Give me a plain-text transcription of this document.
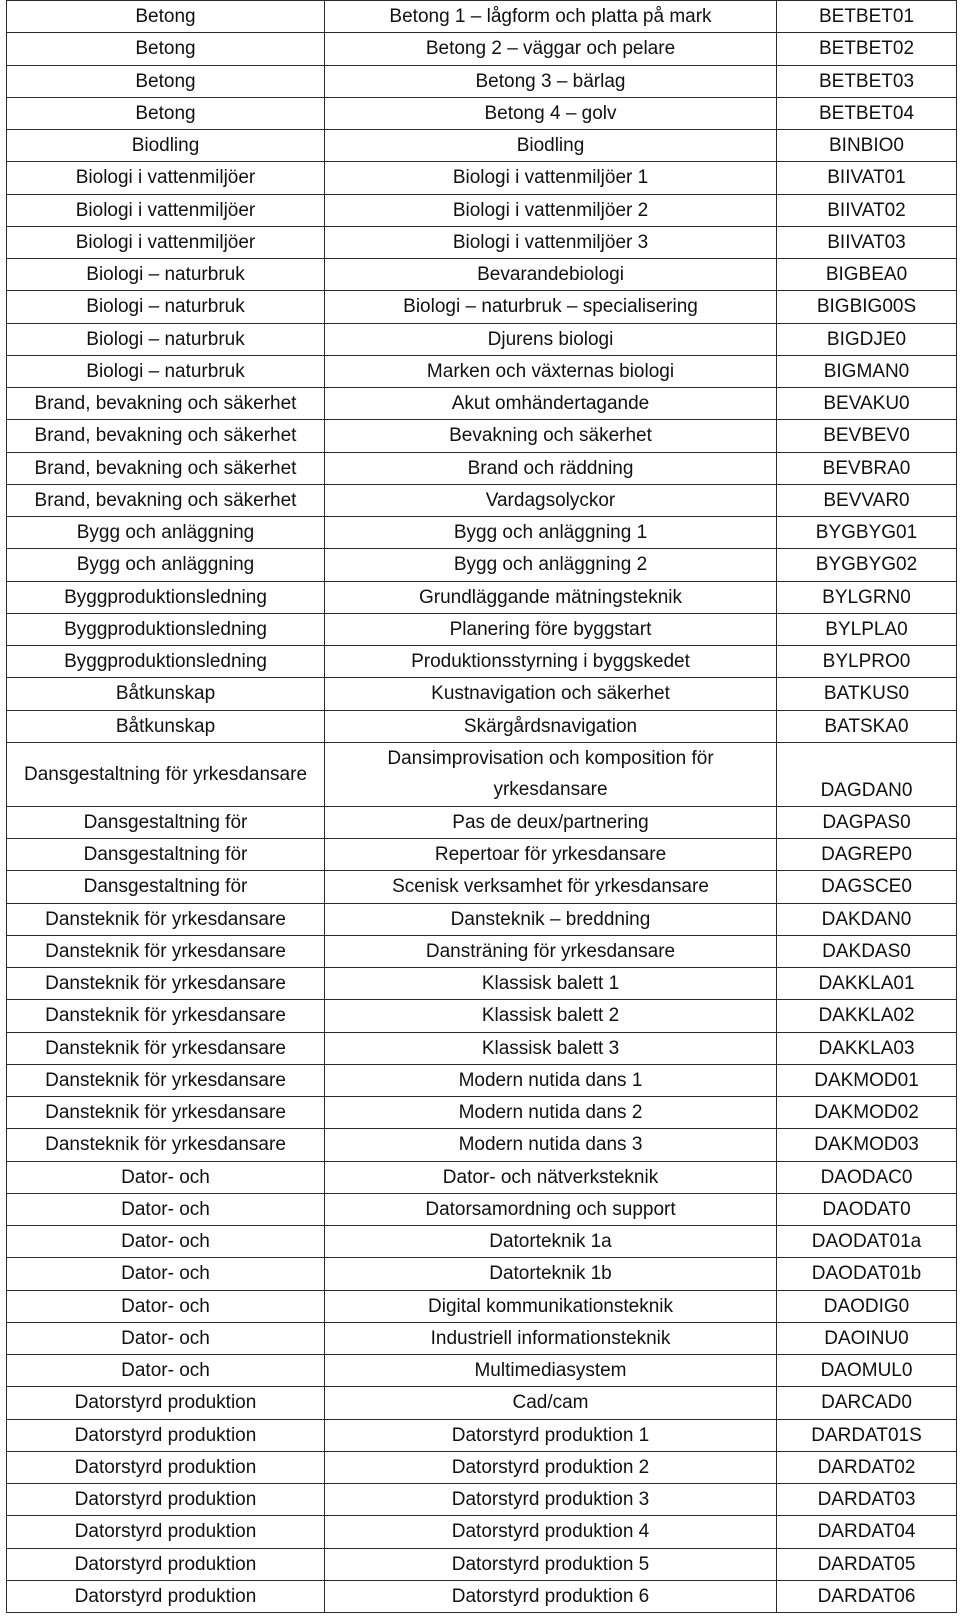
Betong	Betong 1 – lågform och platta på mark	BETBET01
Betong	Betong 2 – väggar och pelare	BETBET02
Betong	Betong 3 – bärlag	BETBET03
Betong	Betong 4 – golv	BETBET04
Biodling	Biodling	BINBIO0
Biologi i vattenmiljöer	Biologi i vattenmiljöer 1	BIIVAT01
Biologi i vattenmiljöer	Biologi i vattenmiljöer 2	BIIVAT02
Biologi i vattenmiljöer	Biologi i vattenmiljöer 3	BIIVAT03
Biologi – naturbruk	Bevarandebiologi	BIGBEA0
Biologi – naturbruk	Biologi – naturbruk – specialisering	BIGBIG00S
Biologi – naturbruk	Djurens biologi	BIGDJE0
Biologi – naturbruk	Marken och växternas biologi	BIGMAN0
Brand, bevakning och säkerhet	Akut omhändertagande	BEVAKU0
Brand, bevakning och säkerhet	Bevakning och säkerhet	BEVBEV0
Brand, bevakning och säkerhet	Brand och räddning	BEVBRA0
Brand, bevakning och säkerhet	Vardagsolyckor	BEVVAR0
Bygg och anläggning	Bygg och anläggning 1	BYGBYG01
Bygg och anläggning	Bygg och anläggning 2	BYGBYG02
Byggproduktionsledning	Grundläggande mätningsteknik	BYLGRN0
Byggproduktionsledning	Planering före byggstart	BYLPLA0
Byggproduktionsledning	Produktionsstyrning i byggskedet	BYLPRO0
Båtkunskap	Kustnavigation och säkerhet	BATKUS0
Båtkunskap	Skärgårdsnavigation	BATSKA0
Dansgestaltning för yrkesdansare	Dansimprovisation och komposition för yrkesdansare	DAGDAN0
Dansgestaltning för	Pas de deux/partnering	DAGPAS0
Dansgestaltning för	Repertoar för yrkesdansare	DAGREP0
Dansgestaltning för	Scenisk verksamhet för yrkesdansare	DAGSCE0
Dansteknik för yrkesdansare	Dansteknik – breddning	DAKDAN0
Dansteknik för yrkesdansare	Dansträning för yrkesdansare	DAKDAS0
Dansteknik för yrkesdansare	Klassisk balett 1	DAKKLA01
Dansteknik för yrkesdansare	Klassisk balett 2	DAKKLA02
Dansteknik för yrkesdansare	Klassisk balett 3	DAKKLA03
Dansteknik för yrkesdansare	Modern nutida dans 1	DAKMOD01
Dansteknik för yrkesdansare	Modern nutida dans 2	DAKMOD02
Dansteknik för yrkesdansare	Modern nutida dans 3	DAKMOD03
Dator- och	Dator- och nätverksteknik	DAODAC0
Dator- och	Datorsamordning och support	DAODAT0
Dator- och	Datorteknik 1a	DAODAT01a
Dator- och	Datorteknik 1b	DAODAT01b
Dator- och	Digital kommunikationsteknik	DAODIG0
Dator- och	Industriell informationsteknik	DAOINU0
Dator- och	Multimediasystem	DAOMUL0
Datorstyrd produktion	Cad/cam	DARCAD0
Datorstyrd produktion	Datorstyrd produktion 1	DARDAT01S
Datorstyrd produktion	Datorstyrd produktion 2	DARDAT02
Datorstyrd produktion	Datorstyrd produktion 3	DARDAT03
Datorstyrd produktion	Datorstyrd produktion 4	DARDAT04
Datorstyrd produktion	Datorstyrd produktion 5	DARDAT05
Datorstyrd produktion	Datorstyrd produktion 6	DARDAT06
